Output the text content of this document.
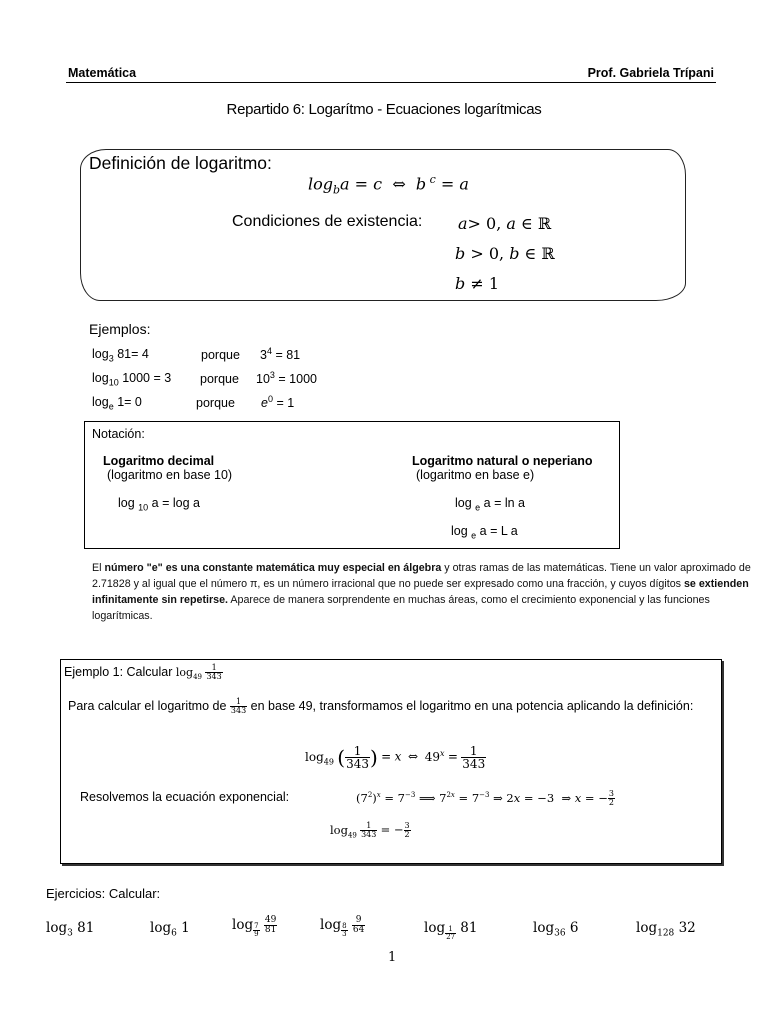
Matemática	Prof. Gabriela Trípani
Repartido 6: Logarítmo - Ecuaciones logarítmicas
Definición de logaritmo:
$\log_ba = c$  ⇔  b $^c$ = a
Condiciones de existencia: a> 0, a ∈ ℝ
b > 0, b ∈ ℝ
b ≠ 1
Ejemplos:
$\log_3 81= 4$	porque $3^4 = 81$
$\log_{10} 1000 = 3$ porque $10^3 = 1000$
$\log_e 1= 0$	porque $e^0 = 1$
Notación:
Logaritmo decimal
(logaritmo en base 10)
Logaritmo natural o neperiano
(logaritmo en base e)
log $_{10}$ a = log a	log $_e$ a = ln a
log $_e$ a = L a
El número "e" es una constante matemática muy especial en álgebra y otras ramas de las matemáticas. Tiene un valor aproximado de 2.71828 y al igual que el número π, es un número irracional que no puede ser expresado como una fracción, y cuyos dígitos se extienden infinitamente sin repetirse. Aparece de manera sorprendente en muchas áreas, como el crecimiento exponencial y las funciones logarítmicas.
Ejemplo 1: Calcular $\log_{49} \frac{1}{343}$
Para calcular el logaritmo de $\frac{1}{343}$ en base 49, transformamos el logaritmo en una potencia aplicando la definición:
$\log_{49}$ ( $\frac{1}{343}$ ) = x ⇔ $49^x = \frac{1}{343}$
Resolvemos la ecuación exponencial:	$(7^2)^x = 7^{-3}$ ⟹ $7^{2x} = 7^{-3}$ ⇒ 2x = −3  ⇒ x = − $\frac{3}{2}$
$\log_{49} \frac{1}{343}$ = − $\frac{3}{2}$
Ejercicios: Calcular:
$\log_3 81$	$\log_6 1$	log $_{\frac{7}{9}}$
$\frac{49}{81}$	log $_{\frac{8}{3}}$
$\frac{9}{64}$	log $_{\frac{1}{27}}$ 81	$\log_{36} 6$	$\log_{128} 32$
1
